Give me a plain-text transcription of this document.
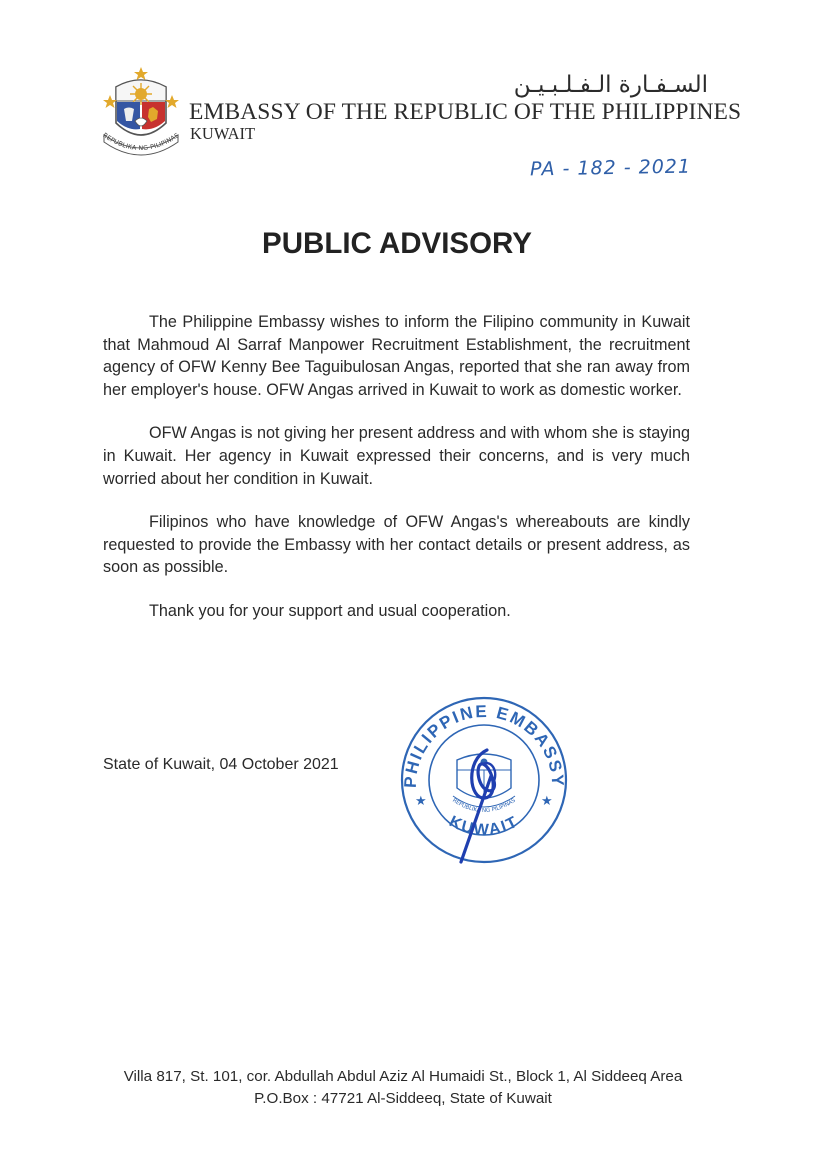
REPUBLIKA NG PILIPINAS
السـفـارة الـفـلـبـيـن
EMBASSY OF THE REPUBLIC OF THE PHILIPPINES
KUWAIT
PA - 182 - 2021
PUBLIC ADVISORY

The Philippine Embassy wishes to inform the Filipino community in Kuwait that Mahmoud Al Sarraf Manpower Recruitment Establishment, the recruitment agency of OFW Kenny Bee Taguibulosan Angas, reported that she ran away from her employer's house. OFW Angas arrived in Kuwait to work as domestic worker.

OFW Angas is not giving her present address and with whom she is staying in Kuwait. Her agency in Kuwait expressed their concerns, and is very much worried about her condition in Kuwait.

Filipinos who have knowledge of OFW Angas's whereabouts are kindly requested to provide the Embassy with her contact details or present address, as soon as possible.

Thank you for your support and usual cooperation.

State of Kuwait, 04 October 2021
PHILIPPINE EMBASSY
KUWAIT
★	★
REPUBLIKA NG PILIPINAS
Villa 817, St. 101, cor. Abdullah Abdul Aziz Al Humaidi St., Block 1, Al Siddeeq Area
P.O.Box : 47721 Al-Siddeeq, State of Kuwait
